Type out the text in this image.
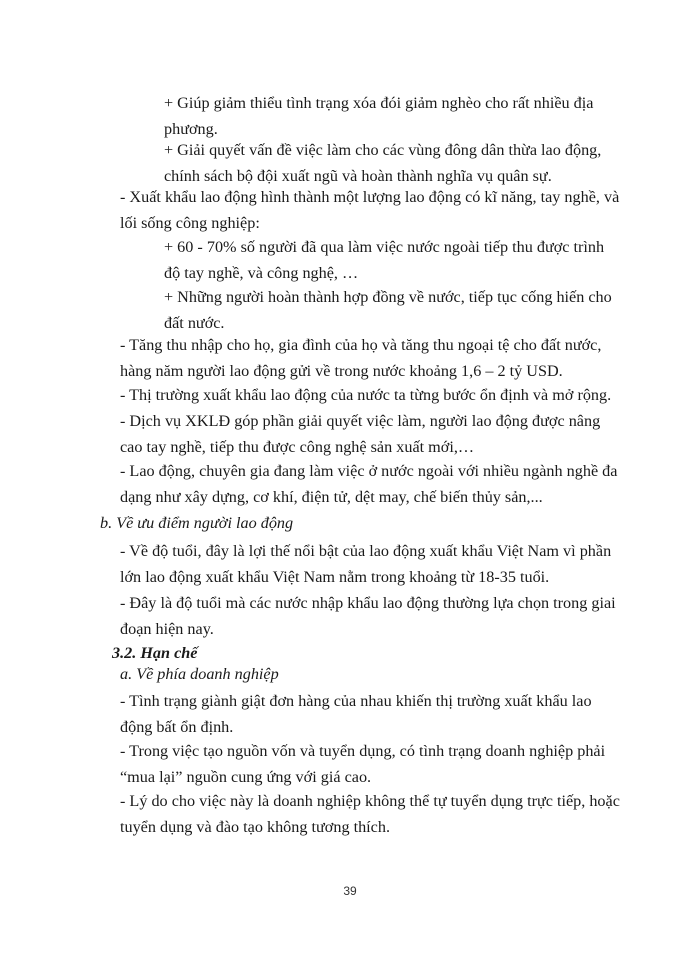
+ Giúp giảm thiểu tình trạng xóa đói giảm nghèo cho rất nhiều địa
phương.
+ Giải quyết vấn đề việc làm cho các vùng đông dân thừa lao động,
chính sách bộ đội xuất ngũ và hoàn thành nghĩa vụ quân sự.
- Xuất khẩu lao động hình thành một lượng lao động có kĩ năng, tay nghề, và
lối sống công nghiệp:
+ 60 - 70% số người đã qua làm việc nước ngoài tiếp thu được trình
độ tay nghề, và công nghệ, …
+ Những người hoàn thành hợp đồng về nước, tiếp tục cống hiến cho
đất nước.
- Tăng thu nhập cho họ, gia đình của họ và tăng thu ngoại tệ cho đất nước,
hàng năm người lao động gửi về trong nước khoảng 1,6 – 2 tỷ USD.
- Thị trường xuất khẩu lao động của nước ta từng bước ổn định và mở rộng.
- Dịch vụ XKLĐ góp phần giải quyết việc làm, người lao động được nâng
cao tay nghề, tiếp thu được công nghệ sản xuất mới,…
- Lao động, chuyên gia đang làm việc ở nước ngoài với nhiều ngành nghề đa
dạng như xây dựng, cơ khí, điện tử, dệt may, chế biến thủy sản,...
b. Về ưu điểm người lao động
- Về độ tuổi, đây là lợi thế nổi bật của lao động xuất khẩu Việt Nam vì phần
lớn lao động xuất khẩu Việt Nam nằm trong khoảng từ 18-35 tuổi.
- Đây là độ tuổi mà các nước nhập khẩu lao động thường lựa chọn trong giai
đoạn hiện nay.
3.2. Hạn chế
a. Về phía doanh nghiệp
- Tình trạng giành giật đơn hàng của nhau khiến thị trường xuất khẩu lao
động bất ổn định.
- Trong việc tạo nguồn vốn và tuyển dụng, có tình trạng doanh nghiệp phải
“mua lại” nguồn cung ứng với giá cao.
- Lý do cho việc này là doanh nghiệp không thể tự tuyển dụng trực tiếp, hoặc
tuyển dụng và đào tạo không tương thích.
39
